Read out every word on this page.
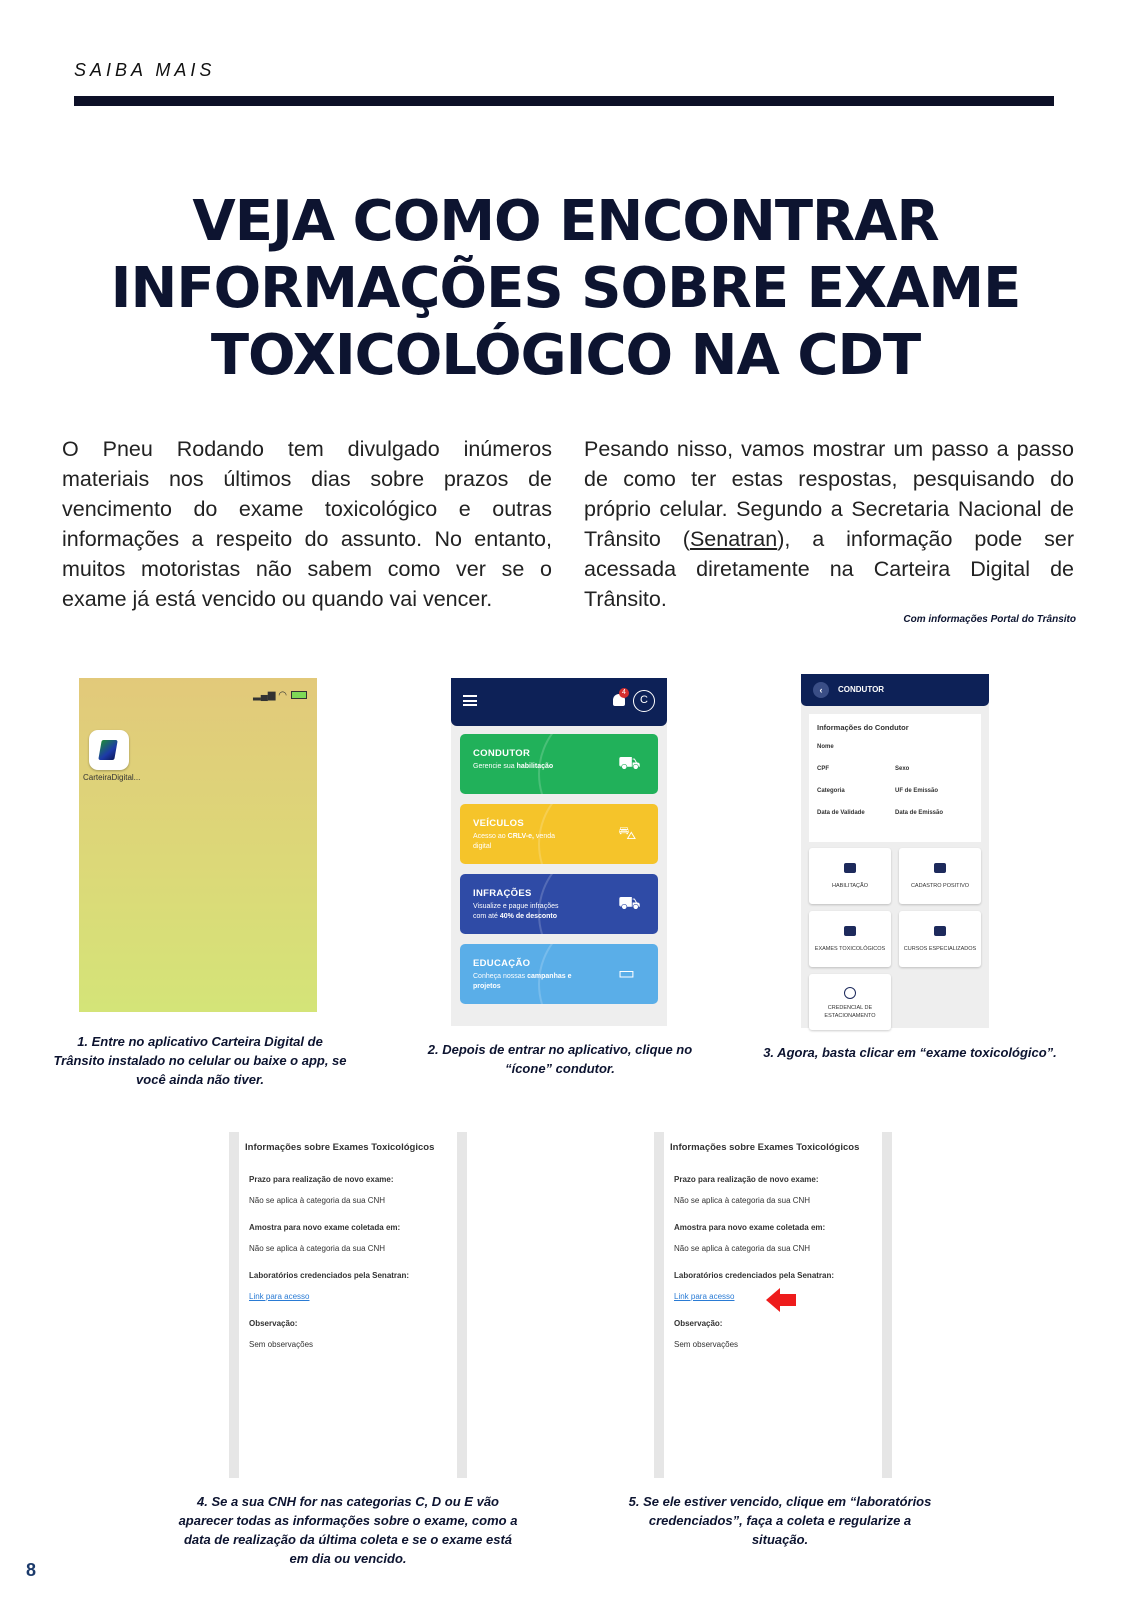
SAIBA MAIS
VEJA COMO ENCONTRAR
INFORMAÇÕES SOBRE EXAME
TOXICOLÓGICO NA CDT

O Pneu Rodando tem divulgado inúmeros materiais nos últimos dias sobre prazos de vencimento do exame toxicológico e outras informações a respeito do assunto. No entanto, muitos motoristas não sabem como ver se o exame já está vencido ou quando vai vencer.

Pesando nisso, vamos mostrar um passo a passo de como ter estas respostas, pesquisando do próprio celular. Segundo a Secretaria Nacional de Trânsito (Senatran), a informação pode ser acessada diretamente na Carteira Digital de Trânsito.

Com informações Portal do Trânsito
▂▄▆ ◠
CarteiraDigital...
1. Entre no aplicativo Carteira Digital de Trânsito instalado no celular ou baixe o app, se você ainda não tiver.
4
C
CONDUTOR
Gerencie sua habilitação	⛟
VEÍCULOS
Acesso ao CRLV-e, venda digital
⛍
INFRAÇÕES
Visualize e pague infrações com até 40% de desconto
⛟
EDUCAÇÃO
Conheça nossas campanhas e projetos
▭
2. Depois de entrar no aplicativo, clique no “ícone” condutor.
‹	CONDUTOR
Informações do Condutor
Nome
CPF	Sexo
Categoria	UF de Emissão
Data de Validade	Data de Emissão
HABILITAÇÃO	CADASTRO POSITIVO
EXAMES TOXICOLÓGICOS	CURSOS ESPECIALIZADOS
CREDENCIAL DE ESTACIONAMENTO
3. Agora, basta clicar em “exame toxicológico”.
Informações sobre Exames Toxicológicos
Prazo para realização de novo exame:
Não se aplica à categoria da sua CNH
Amostra para novo exame coletada em:
Não se aplica à categoria da sua CNH
Laboratórios credenciados pela Senatran:
Link para acesso
Observação:
Sem observações
4. Se a sua CNH for nas categorias C, D ou E vão aparecer todas as informações sobre o exame, como a data de realização da última coleta e se o exame está em dia ou vencido.
Informações sobre Exames Toxicológicos
Prazo para realização de novo exame:
Não se aplica à categoria da sua CNH
Amostra para novo exame coletada em:
Não se aplica à categoria da sua CNH
Laboratórios credenciados pela Senatran:
Link para acesso
Observação:
Sem observações
5. Se ele estiver vencido, clique em “laboratórios credenciados”, faça a coleta e regularize a situação.
8
